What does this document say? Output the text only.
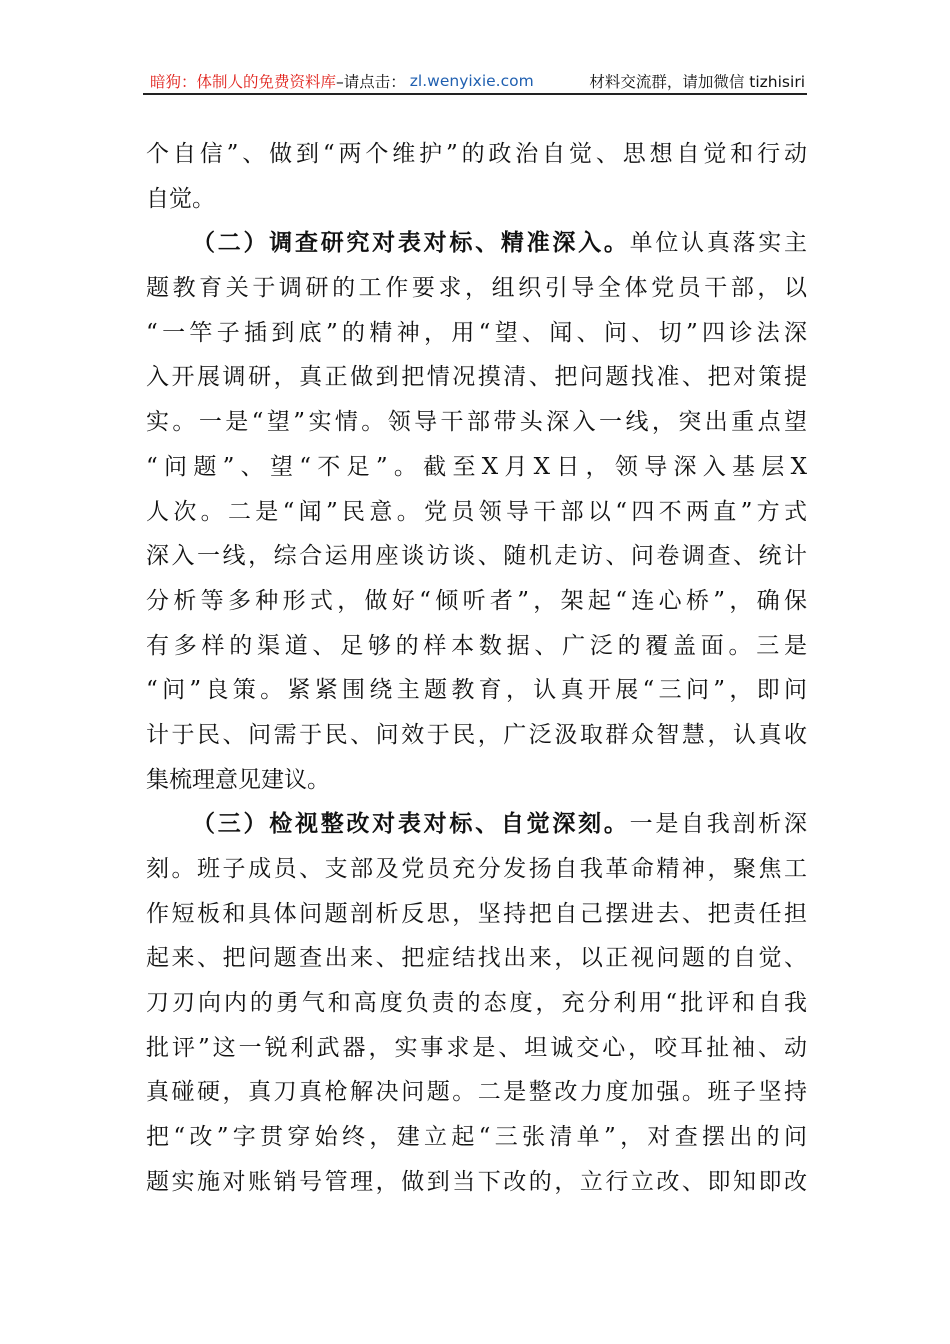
暗狗：体制人的免费资料库 –请点击： zl.wenyixie.com	材料交流群，请加微信 tizhisiri
个自信”、做到“两个维护”的政治自觉、思想自觉和行动
自觉。
（二）调查研究对表对标、精准深入。单位认真落实主
题教育关于调研的工作要求，组织引导全体党员干部，以
“一竿子插到底”的精神，用“望、闻、问、切”四诊法深
入开展调研，真正做到把情况摸清、把问题找准、把对策提
实。一是“望”实情。领导干部带头深入一线，突出重点望
“问题”、望“不足”。截至X月X日，领导深入基层X
人次。二是“闻”民意。党员领导干部以“四不两直”方式
深入一线，综合运用座谈访谈、随机走访、问卷调查、统计
分析等多种形式，做好“倾听者”，架起“连心桥”，确保
有多样的渠道、足够的样本数据、广泛的覆盖面。三是
“问”良策。紧紧围绕主题教育，认真开展“三问”，即问
计于民、问需于民、问效于民，广泛汲取群众智慧，认真收
集梳理意见建议。
（三）检视整改对表对标、自觉深刻。一是自我剖析深
刻。班子成员、支部及党员充分发扬自我革命精神，聚焦工
作短板和具体问题剖析反思，坚持把自己摆进去、把责任担
起来、把问题查出来、把症结找出来，以正视问题的自觉、
刀刃向内的勇气和高度负责的态度，充分利用“批评和自我
批评”这一锐利武器，实事求是、坦诚交心，咬耳扯袖、动
真碰硬，真刀真枪解决问题。二是整改力度加强。班子坚持
把“改”字贯穿始终，建立起“三张清单”，对查摆出的问
题实施对账销号管理，做到当下改的，立行立改、即知即改
